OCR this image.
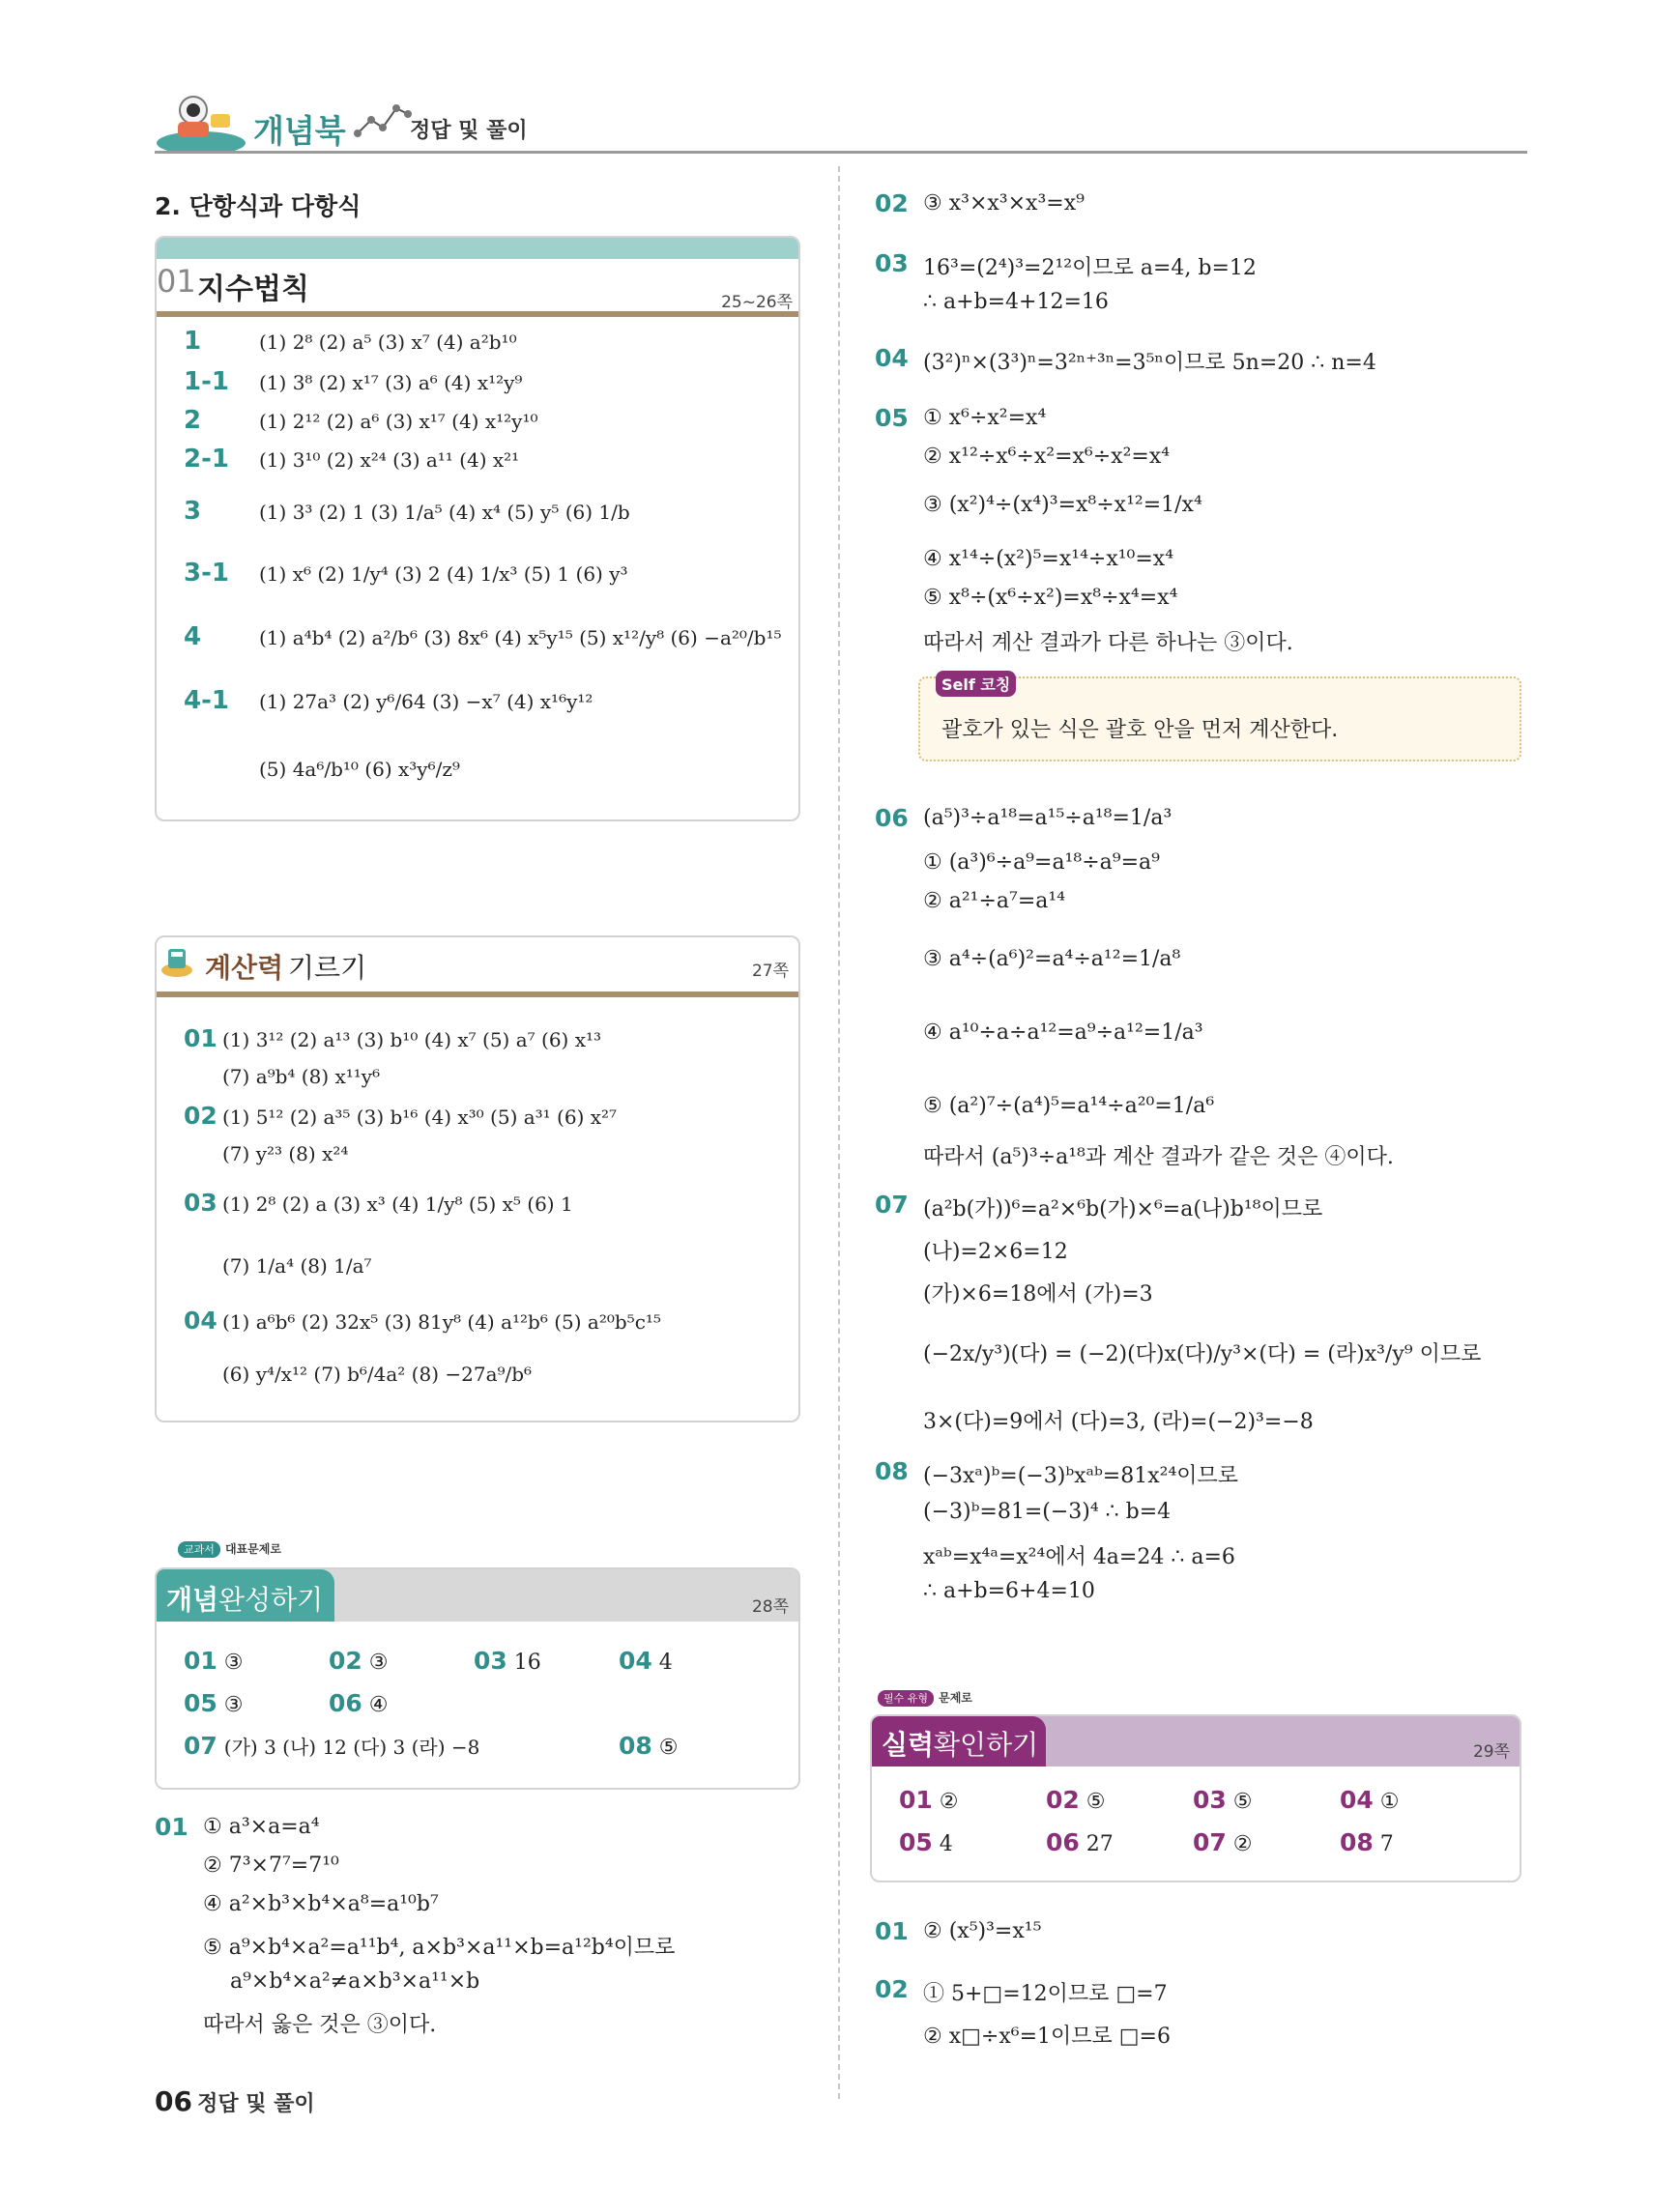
개념북	정답 및 풀이
2. 단항식과 다항식
01 지수법칙	25~26쪽
1	(1) 2⁸ (2) a⁵ (3) x⁷ (4) a²b¹⁰
1-1 (1) 3⁸ (2) x¹⁷ (3) a⁶ (4) x¹²y⁹
2	(1) 2¹² (2) a⁶ (3) x¹⁷ (4) x¹²y¹⁰
2-1 (1) 3¹⁰ (2) x²⁴ (3) a¹¹ (4) x²¹
3	(1) 3³ (2) 1 (3) 1/a⁵ (4) x⁴ (5) y⁵ (6) 1/b
3-1 (1) x⁶ (2) 1/y⁴ (3) 2 (4) 1/x³ (5) 1 (6) y³
4	(1) a⁴b⁴ (2) a²/b⁶ (3) 8x⁶ (4) x⁵y¹⁵ (5) x¹²/y⁸ (6) −a²⁰/b¹⁵
4-1 (1) 27a³ (2) y⁶/64 (3) −x⁷ (4) x¹⁶y¹²
(5) 4a⁶/b¹⁰ (6) x³y⁶/z⁹
계산력 기르기	27쪽
01 (1) 3¹² (2) a¹³ (3) b¹⁰ (4) x⁷ (5) a⁷ (6) x¹³
(7) a⁹b⁴ (8) x¹¹y⁶
02 (1) 5¹² (2) a³⁵ (3) b¹⁶ (4) x³⁰ (5) a³¹ (6) x²⁷
(7) y²³ (8) x²⁴
03 (1) 2⁸ (2) a (3) x³ (4) 1/y⁸ (5) x⁵ (6) 1
(7) 1/a⁴ (8) 1/a⁷
04 (1) a⁶b⁶ (2) 32x⁵ (3) 81y⁸ (4) a¹²b⁶ (5) a²⁰b⁵c¹⁵
(6) y⁴/x¹² (7) b⁶/4a² (8) −27a⁹/b⁶
교과서 대표문제로
개념 완성하기	28쪽
01 ③	02 ③	03 16	04 4
05 ③	06 ④
07 (가) 3 (나) 12 (다) 3 (라) −8	08 ⑤
01 ① a³×a=a⁴
② 7³×7⁷=7¹⁰
④ a²×b³×b⁴×a⁸=a¹⁰b⁷
⑤ a⁹×b⁴×a²=a¹¹b⁴, a×b³×a¹¹×b=a¹²b⁴이므로
a⁹×b⁴×a²≠a×b³×a¹¹×b
따라서 옳은 것은 ③이다.
06 정답 및 풀이
02 ③ x³×x³×x³=x⁹
03 16³=(2⁴)³=2¹²이므로 a=4, b=12
∴ a+b=4+12=16
04 (3²)ⁿ×(3³)ⁿ=3²ⁿ⁺³ⁿ=3⁵ⁿ이므로 5n=20 ∴ n=4
05 ① x⁶÷x²=x⁴
② x¹²÷x⁶÷x²=x⁶÷x²=x⁴
③ (x²)⁴÷(x⁴)³=x⁸÷x¹²=1/x⁴
④ x¹⁴÷(x²)⁵=x¹⁴÷x¹⁰=x⁴
⑤ x⁸÷(x⁶÷x²)=x⁸÷x⁴=x⁴
따라서 계산 결과가 다른 하나는 ③이다.
Self 코칭
괄호가 있는 식은 괄호 안을 먼저 계산한다.
06 (a⁵)³÷a¹⁸=a¹⁵÷a¹⁸=1/a³
① (a³)⁶÷a⁹=a¹⁸÷a⁹=a⁹
② a²¹÷a⁷=a¹⁴
③ a⁴÷(a⁶)²=a⁴÷a¹²=1/a⁸
④ a¹⁰÷a÷a¹²=a⁹÷a¹²=1/a³
⑤ (a²)⁷÷(a⁴)⁵=a¹⁴÷a²⁰=1/a⁶
따라서 (a⁵)³÷a¹⁸과 계산 결과가 같은 것은 ④이다.
07 (a²b(가))⁶=a²×⁶b(가)×⁶=a(나)b¹⁸이므로
(나)=2×6=12
(가)×6=18에서 (가)=3
(−2x/y³)(다) = (−2)(다)x(다)/y³×(다) = (라)x³/y⁹ 이므로
3×(다)=9에서 (다)=3, (라)=(−2)³=−8
08 (−3xᵃ)ᵇ=(−3)ᵇxᵃᵇ=81x²⁴이므로
(−3)ᵇ=81=(−3)⁴ ∴ b=4
xᵃᵇ=x⁴ᵃ=x²⁴에서 4a=24 ∴ a=6
∴ a+b=6+4=10
필수 유형 문제로
실력 확인하기	29쪽
01 ②	02 ⑤	03 ⑤	04 ①
05 4	06 27	07 ②	08 7
01 ② (x⁵)³=x¹⁵
02 ① 5+□=12이므로 □=7
② x□÷x⁶=1이므로 □=6
